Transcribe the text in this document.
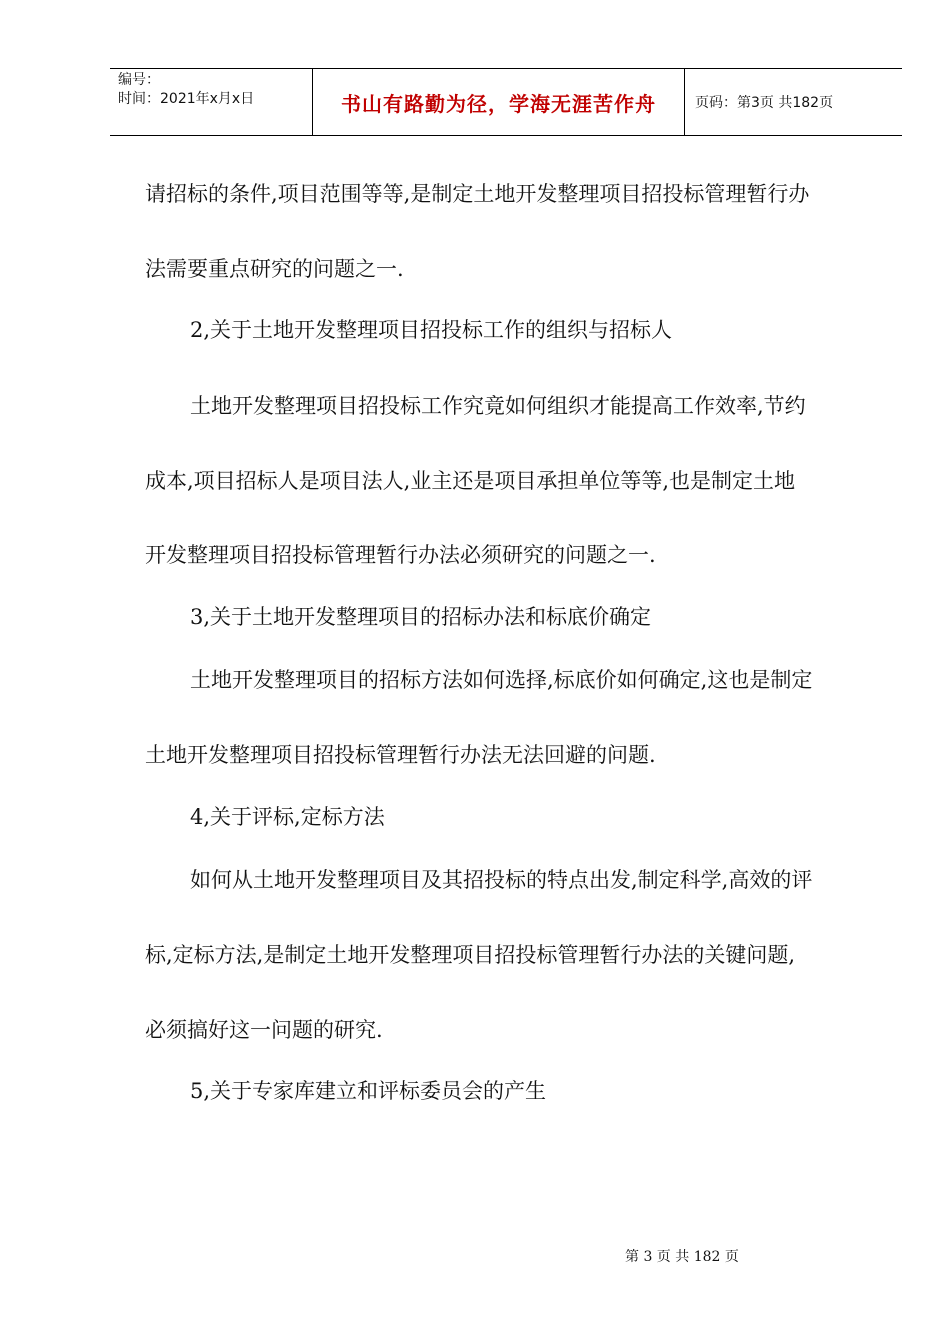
编号：
时间：2021年x月x日	书山有路勤为径，学海无涯苦作舟	页码：第3页 共182页
请招标的条件,项目范围等等,是制定土地开发整理项目招投标管理暂行办
法需要重点研究的问题之一.
2,关于土地开发整理项目招投标工作的组织与招标人
土地开发整理项目招投标工作究竟如何组织才能提高工作效率,节约
成本,项目招标人是项目法人,业主还是项目承担单位等等,也是制定土地
开发整理项目招投标管理暂行办法必须研究的问题之一.
3,关于土地开发整理项目的招标办法和标底价确定
土地开发整理项目的招标方法如何选择,标底价如何确定,这也是制定
土地开发整理项目招投标管理暂行办法无法回避的问题.
4,关于评标,定标方法
如何从土地开发整理项目及其招投标的特点出发,制定科学,高效的评
标,定标方法,是制定土地开发整理项目招投标管理暂行办法的关键问题,
必须搞好这一问题的研究.
5,关于专家库建立和评标委员会的产生
第 3 页 共 182 页
